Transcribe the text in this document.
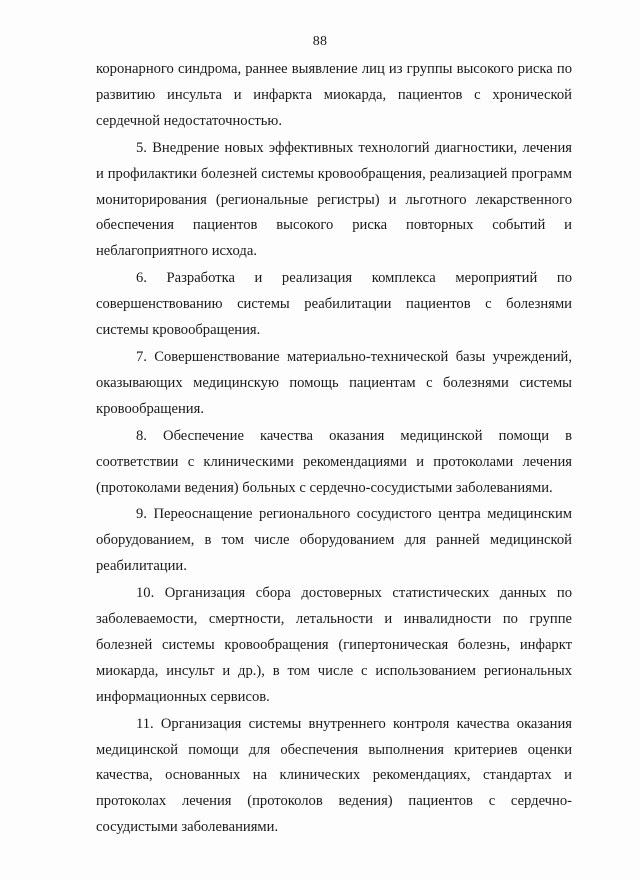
88

коронарного синдрома, раннее выявление лиц из группы высокого риска по развитию инсульта и инфаркта миокарда, пациентов с хронической сердечной недостаточностью.

5. Внедрение новых эффективных технологий диагностики, лечения и профилактики болезней системы кровообращения, реализацией программ мониторирования (региональные регистры) и льготного лекарственного обеспечения пациентов высокого риска повторных событий и неблагоприятного исхода.

6. Разработка и реализация комплекса мероприятий по совершенствованию системы реабилитации пациентов с болезнями системы кровообращения.

7. Совершенствование материально-технической базы учреждений, оказывающих медицинскую помощь пациентам с болезнями системы кровообращения.

8. Обеспечение качества оказания медицинской помощи в соответствии с клиническими рекомендациями и протоколами лечения (протоколами ведения) больных с сердечно-сосудистыми заболеваниями.

9. Переоснащение регионального сосудистого центра медицинским оборудованием, в том числе оборудованием для ранней медицинской реабилитации.

10. Организация сбора достоверных статистических данных по заболеваемости, смертности, летальности и инвалидности по группе болезней системы кровообращения (гипертоническая болезнь, инфаркт миокарда, инсульт и др.), в том числе с использованием региональных информационных сервисов.

11. Организация системы внутреннего контроля качества оказания медицинской помощи для обеспечения выполнения критериев оценки качества, основанных на клинических рекомендациях, стандартах и протоколах лечения (протоколов ведения) пациентов с сердечно-сосудистыми заболеваниями.
